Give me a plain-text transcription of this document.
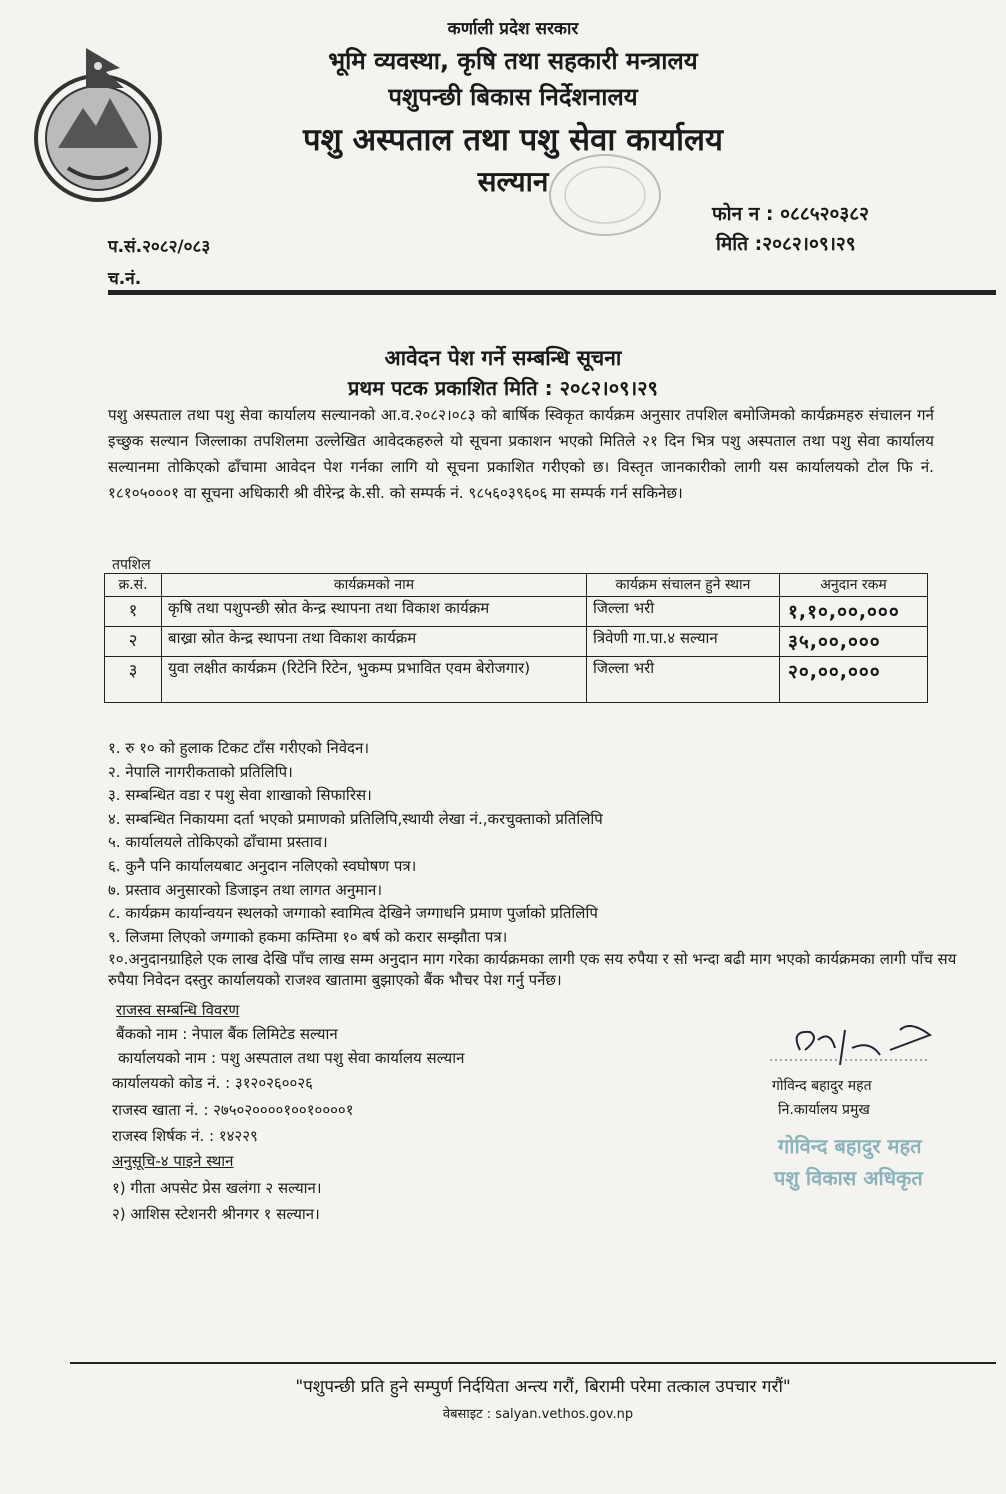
कर्णाली प्रदेश सरकार
भूमि व्यवस्था, कृषि तथा सहकारी मन्त्रालय
पशुपन्छी बिकास निर्देशनालय
पशु अस्पताल तथा पशु सेवा कार्यालय
सल्यान
फोन न : ०८८५२०३८२
मिति :२०८२।०९।२९
प.सं.२०८२/०८३
च.नं.
आवेदन पेश गर्ने सम्बन्धि सूचना
प्रथम पटक प्रकाशित मिति : २०८२।०९।२९
पशु अस्पताल तथा पशु सेवा कार्यालय सल्यानको आ.व.२०८२।०८३ को बार्षिक स्विकृत कार्यक्रम अनुसार तपशिल बमोजिमको कार्यक्रमहरु संचालन गर्न इच्छुक सल्यान जिल्लाका तपशिलमा उल्लेखित आवेदकहरुले यो सूचना प्रकाशन भएको मितिले २१ दिन भित्र पशु अस्पताल तथा पशु सेवा कार्यालय सल्यानमा तोकिएको ढाँचामा आवेदन पेश गर्नका लागि यो सूचना प्रकाशित गरीएको छ। विस्तृत जानकारीको लागी यस कार्यालयको टोल फि नं. १८१०५०००१ वा सूचना अधिकारी श्री वीरेन्द्र के.सी. को सम्पर्क नं. ९८५६०३९६०६ मा सम्पर्क गर्न सकिनेछ।
तपशिल
क्र.सं.	कार्यक्रमको नाम	कार्यक्रम संचालन हुने स्थान	अनुदान रकम
१	कृषि तथा पशुपन्छी स्रोत केन्द्र स्थापना तथा विकाश कार्यक्रम	जिल्ला भरी	१,१०,००,०००
२	बाख्रा स्रोत केन्द्र स्थापना तथा विकाश कार्यक्रम	त्रिवेणी गा.पा.४ सल्यान	३५,००,०००
३	युवा लक्षीत कार्यक्रम (रिटेनि रिटेन, भुकम्प प्रभावित एवम बेरोजगार)	जिल्ला भरी	२०,००,०००
१. रु १० को हुलाक टिकट टाँस गरीएको निवेदन।
२. नेपालि नागरीकताको प्रतिलिपि।
३. सम्बन्धित वडा र पशु सेवा शाखाको सिफारिस।
४. सम्बन्धित निकायमा दर्ता भएको प्रमाणको प्रतिलिपि,स्थायी लेखा नं.,करचुक्ताको प्रतिलिपि
५. कार्यालयले तोकिएको ढाँचामा प्रस्ताव।
६. कुनै पनि कार्यालयबाट अनुदान नलिएको स्वघोषण पत्र।
७. प्रस्ताव अनुसारको डिजाइन तथा लागत अनुमान।
८. कार्यक्रम कार्यान्वयन स्थलको जग्गाको स्वामित्व देखिने जग्गाधनि प्रमाण पुर्जाको प्रतिलिपि
९. लिजमा लिएको जग्गाको हकमा कम्तिमा १० बर्ष को करार सम्झौता पत्र।
१०.अनुदानग्राहिले एक लाख देखि पाँच लाख सम्म अनुदान माग गरेका कार्यक्रमका लागी एक सय रुपैया र सो भन्दा बढी माग भएको कार्यक्रमका लागी पाँच सय रुपैया निवेदन दस्तुर कार्यालयको राजश्व खातामा बुझाएको बैंक भौचर पेश गर्नु पर्नेछ।
राजस्व सम्बन्धि विवरण
बैंकको नाम : नेपाल बैंक लिमिटेड सल्यान
कार्यालयको नाम : पशु अस्पताल तथा पशु सेवा कार्यालय सल्यान
कार्यालयको कोड नं. : ३१२०२६००२६
राजस्व खाता नं. : २७५०२००००१००१००००१
राजस्व शिर्षक नं. : १४२२९
अनुसूचि-४ पाइने स्थान
१) गीता अपसेट प्रेस खलंगा २ सल्यान।
२) आशिस स्टेशनरी श्रीनगर १ सल्यान।
गोविन्द बहादुर महत
नि.कार्यालय प्रमुख
गोविन्द बहादुर महत
पशु विकास अधिकृत
"पशुपन्छी प्रति हुने सम्पुर्ण निर्दयिता अन्त्य गरौं, बिरामी परेमा तत्काल उपचार गरौं"
वेबसाइट : salyan.vethos.gov.np
